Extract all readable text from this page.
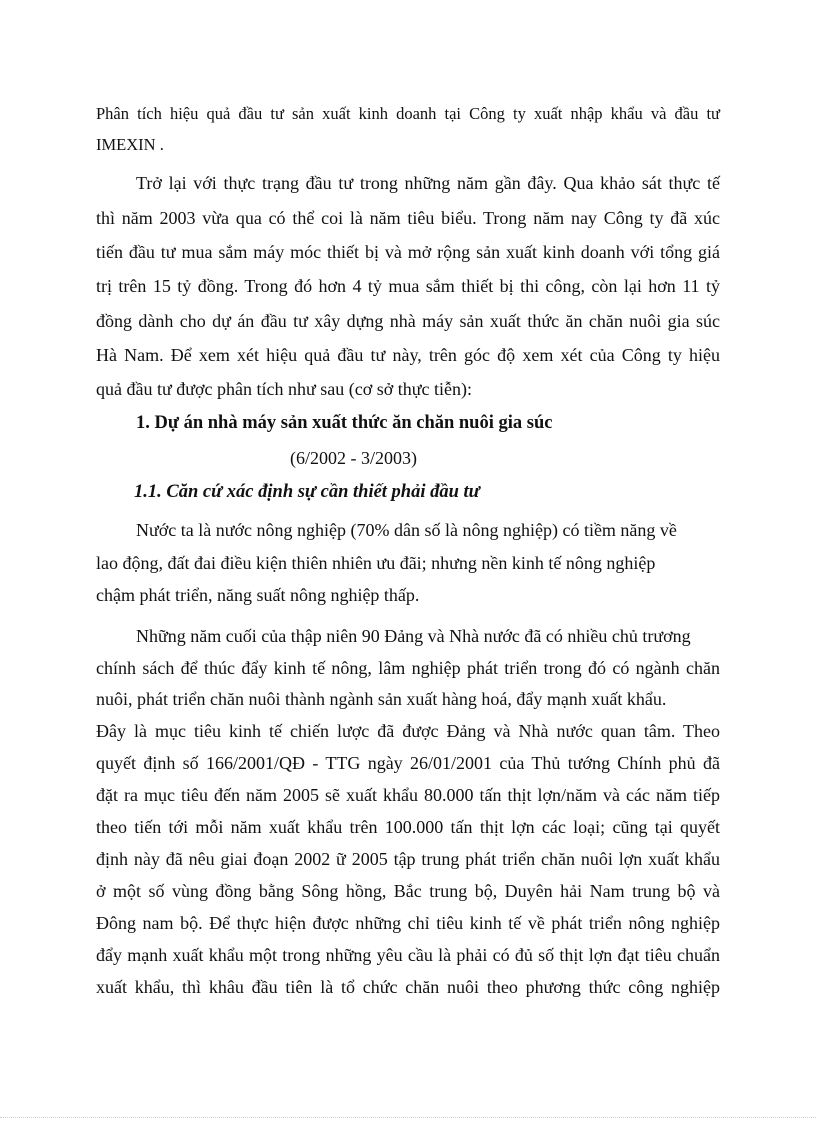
Phân tích hiệu quả đầu tư sản xuất kinh doanh tại Công ty xuất nhập khẩu và đầu tư
IMEXIN .
Trở lại với thực trạng đầu tư trong những năm gần đây. Qua khảo sát thực tế
thì năm 2003 vừa qua có thể coi là năm tiêu biểu. Trong năm nay Công ty đã xúc
tiến đầu tư mua sắm máy móc thiết bị và mở rộng sản xuất kinh doanh với tổng giá
trị trên 15 tỷ đồng. Trong đó hơn 4 tỷ mua sắm thiết bị thi công, còn lại hơn 11 tỷ
đồng dành cho dự án đầu tư xây dựng nhà máy sản xuất thức ăn chăn nuôi gia súc
Hà Nam. Để xem xét hiệu quả đầu tư này, trên góc độ xem xét của Công ty hiệu
quả đầu tư được phân tích như sau (cơ sở thực tiễn):
1. Dự án nhà máy sản xuất thức ăn chăn nuôi gia súc
(6/2002 - 3/2003)
1.1. Căn cứ xác định sự cần thiết phải đầu tư
Nước ta là nước nông nghiệp (70% dân số là nông nghiệp) có tiềm năng về
lao động, đất đai điều kiện thiên nhiên ưu đãi; nhưng nền kinh tế nông nghiệp
chậm phát triển, năng suất nông nghiệp thấp.
Những năm cuối của thập niên 90 Đảng và Nhà nước đã có nhiều chủ trương
chính sách để thúc đẩy kinh tế nông, lâm nghiệp phát triển trong đó có ngành chăn
nuôi, phát triển chăn nuôi thành ngành sản xuất hàng hoá, đẩy mạnh xuất khẩu.
Đây là mục tiêu kinh tế chiến lược đã được Đảng và Nhà nước quan tâm. Theo
quyết định số 166/2001/QĐ - TTG ngày 26/01/2001 của Thủ tướng Chính phủ đã
đặt ra mục tiêu đến năm 2005 sẽ xuất khẩu 80.000 tấn thịt lợn/năm và các năm tiếp
theo tiến tới mỗi năm xuất khẩu trên 100.000 tấn thịt lợn các loại; cũng tại quyết
định này đã nêu giai đoạn 2002 ữ 2005 tập trung phát triển chăn nuôi lợn xuất khẩu
ở một số vùng đồng bằng Sông hồng, Bắc trung bộ, Duyên hải Nam trung bộ và
Đông nam bộ. Để thực hiện được những chỉ tiêu kinh tế về phát triển nông nghiệp
đẩy mạnh xuất khẩu một trong những yêu cầu là phải có đủ số thịt lợn đạt tiêu chuẩn
xuất khẩu, thì khâu đầu tiên là tổ chức chăn nuôi theo phương thức công nghiệp
